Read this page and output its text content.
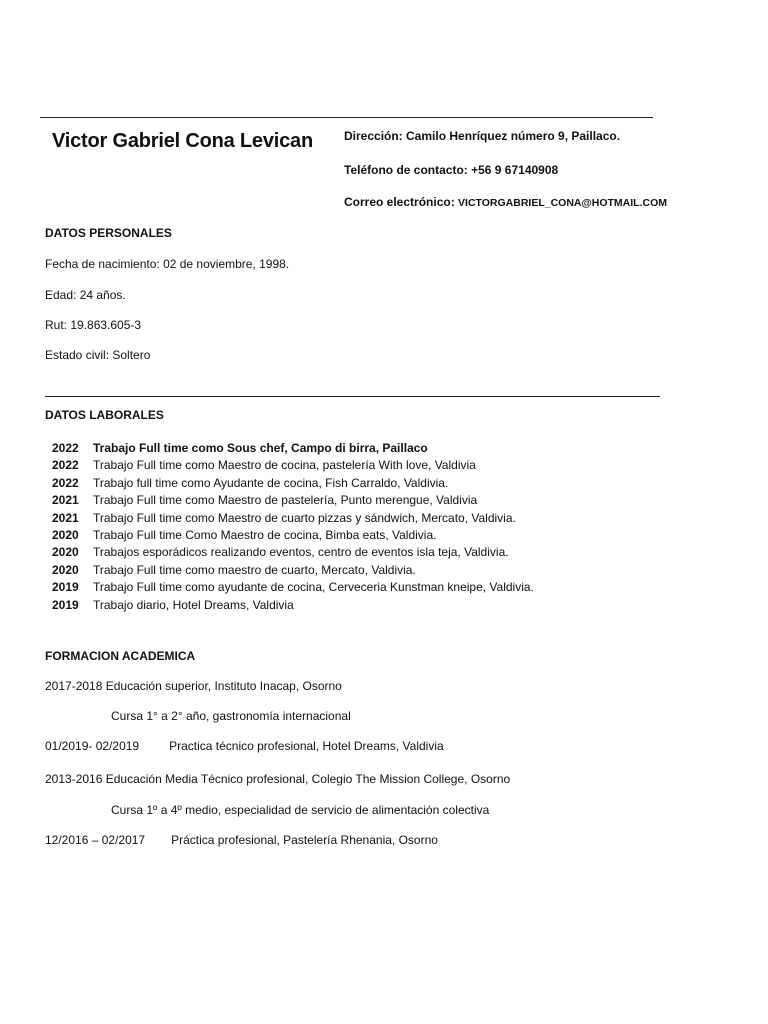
Victor Gabriel Cona Levican	Dirección: Camilo Henríquez número 9, Paillaco.
Teléfono de contacto: +56 9 67140908
Correo electrónico: VICTORGABRIEL_CONA@HOTMAIL.COM
DATOS PERSONALES
Fecha de nacimiento: 02 de noviembre, 1998.
Edad: 24 años.
Rut: 19.863.605-3
Estado civil: Soltero
DATOS LABORALES
2022	Trabajo Full time como Sous chef, Campo di birra, Paillaco
2022	Trabajo Full time como Maestro de cocina, pastelería With love, Valdivia
2022	Trabajo full time como Ayudante de cocina, Fish Carraldo, Valdivia.
2021	Trabajo Full time como Maestro de pastelería, Punto merengue, Valdivia
2021	Trabajo Full time como Maestro de cuarto pizzas y sándwich, Mercato, Valdivia.
2020	Trabajo Full time Como Maestro de cocina, Bimba eats, Valdivia.
2020	Trabajos esporádicos realizando eventos, centro de eventos isla teja, Valdivia.
2020	Trabajo Full time como maestro de cuarto, Mercato, Valdivia.
2019	Trabajo Full time como ayudante de cocina, Cerveceria Kunstman kneipe, Valdivia.
2019	Trabajo diario, Hotel Dreams, Valdivia
FORMACION ACADEMICA
2017-2018 Educación superior, Instituto Inacap, Osorno
Cursa 1° a 2° año, gastronomía internacional
01/2019- 02/2019	Practica técnico profesional, Hotel Dreams, Valdivia
2013-2016 Educación Media Técnico profesional, Colegio The Mission College, Osorno
Cursa 1º a 4º medio, especialidad de servicio de alimentación colectiva
12/2016 – 02/2017 Práctica profesional, Pastelería Rhenania, Osorno
